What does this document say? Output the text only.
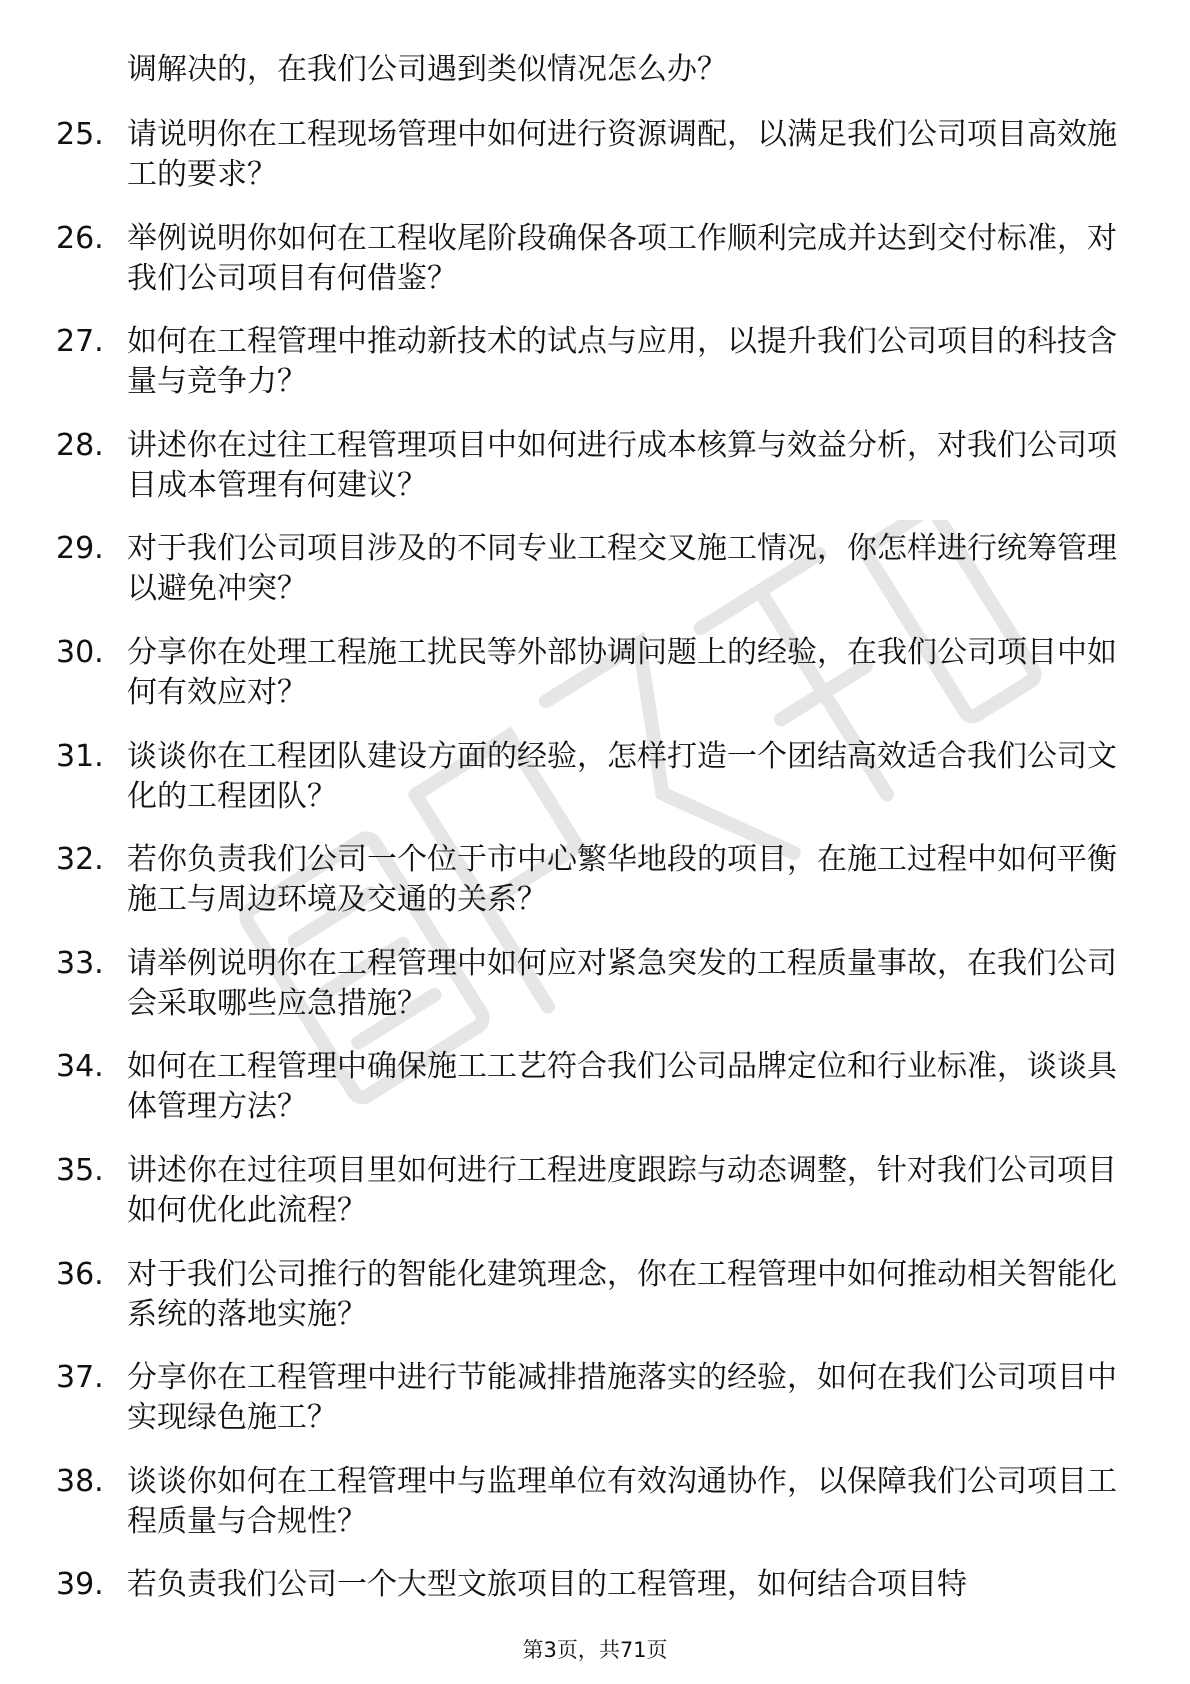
调解决的，在我们公司遇到类似情况怎么办？
25. 请说明你在工程现场管理中如何进行资源调配，以满足我们公司项目高效施工的要求？
26. 举例说明你如何在工程收尾阶段确保各项工作顺利完成并达到交付标准，对我们公司项目有何借鉴？
27. 如何在工程管理中推动新技术的试点与应用，以提升我们公司项目的科技含量与竞争力？
28. 讲述你在过往工程管理项目中如何进行成本核算与效益分析，对我们公司项目成本管理有何建议？
29. 对于我们公司项目涉及的不同专业工程交叉施工情况，你怎样进行统筹管理以避免冲突？
30. 分享你在处理工程施工扰民等外部协调问题上的经验，在我们公司项目中如何有效应对？
31. 谈谈你在工程团队建设方面的经验，怎样打造一个团结高效适合我们公司文化的工程团队？
32. 若你负责我们公司一个位于市中心繁华地段的项目，在施工过程中如何平衡施工与周边环境及交通的关系？
33. 请举例说明你在工程管理中如何应对紧急突发的工程质量事故，在我们公司会采取哪些应急措施？
34. 如何在工程管理中确保施工工艺符合我们公司品牌定位和行业标准，谈谈具体管理方法？
35. 讲述你在过往项目里如何进行工程进度跟踪与动态调整，针对我们公司项目如何优化此流程？
36. 对于我们公司推行的智能化建筑理念，你在工程管理中如何推动相关智能化系统的落地实施？
37. 分享你在工程管理中进行节能减排措施落实的经验，如何在我们公司项目中实现绿色施工？
38. 谈谈你如何在工程管理中与监理单位有效沟通协作，以保障我们公司项目工程质量与合规性？
39. 若负责我们公司一个大型文旅项目的工程管理，如何结合项目特
第3页，共71页
